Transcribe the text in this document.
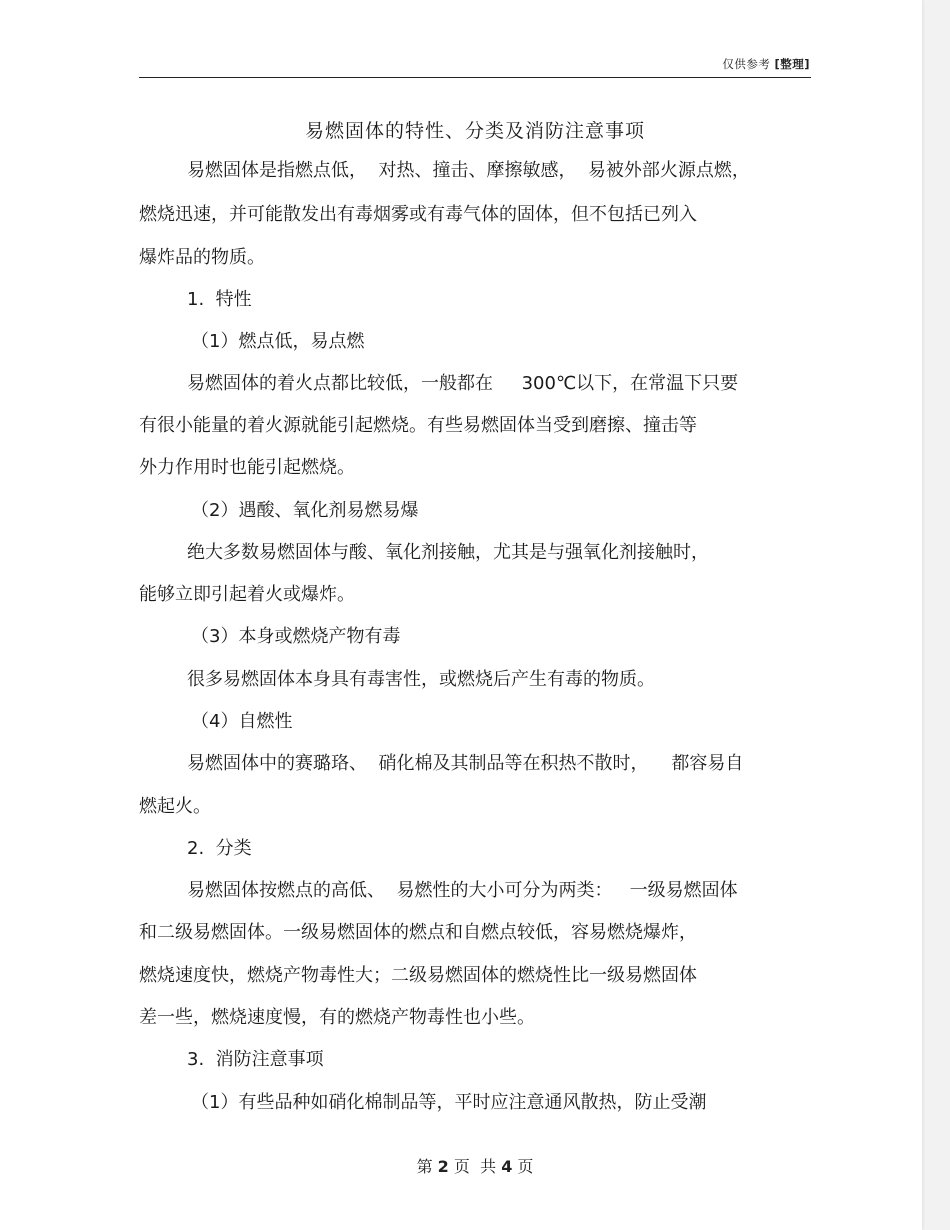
仅供参考 [整理]
易燃固体的特性、分类及消防注意事项
易燃固体是指燃点低，  对热、撞击、摩擦敏感，  易被外部火源点燃，
燃烧迅速，并可能散发出有毒烟雾或有毒气体的固体，但不包括已列入
爆炸品的物质。
1.  特性
（1）燃点低，易点燃
易燃固体的着火点都比较低，一般都在     300℃以下，在常温下只要
有很小能量的着火源就能引起燃烧。有些易燃固体当受到磨擦、撞击等
外力作用时也能引起燃烧。
（2）遇酸、氧化剂易燃易爆
绝大多数易燃固体与酸、氧化剂接触，尤其是与强氧化剂接触时，
能够立即引起着火或爆炸。
（3）本身或燃烧产物有毒
很多易燃固体本身具有毒害性，或燃烧后产生有毒的物质。
（4）自燃性
易燃固体中的赛璐珞、  硝化棉及其制品等在积热不散时，    都容易自
燃起火。
2.  分类
易燃固体按燃点的高低、  易燃性的大小可分为两类：   一级易燃固体
和二级易燃固体。一级易燃固体的燃点和自燃点较低，容易燃烧爆炸，
燃烧速度快，燃烧产物毒性大；二级易燃固体的燃烧性比一级易燃固体
差一些，燃烧速度慢，有的燃烧产物毒性也小些。
3.  消防注意事项
（1）有些品种如硝化棉制品等，平时应注意通风散热，防止受潮
第 2 页  共 4 页
